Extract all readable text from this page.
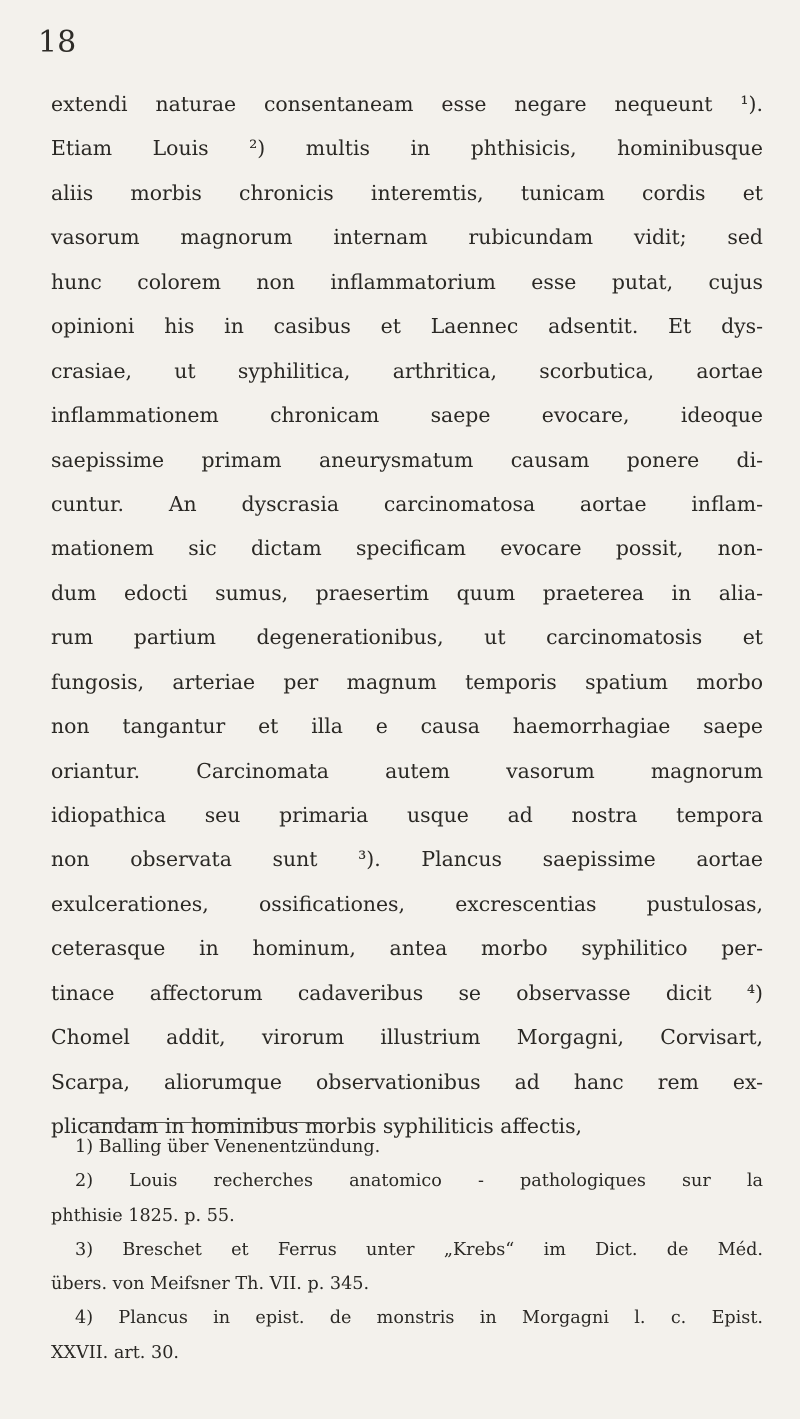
18
extendi naturae consentaneam esse negare nequeunt ¹).
Etiam Louis ²) multis in phthisicis, hominibusque
aliis morbis chronicis interemtis, tunicam cordis et
vasorum magnorum internam rubicundam vidit; sed
hunc colorem non inflammatorium esse putat, cujus
opinioni his in casibus et Laennec adsentit. Et dys-
crasiae, ut syphilitica, arthritica, scorbutica, aortae
inflammationem chronicam saepe evocare, ideoque
saepissime primam aneurysmatum causam ponere di-
cuntur. An dyscrasia carcinomatosa aortae inflam-
mationem sic dictam specificam evocare possit, non-
dum edocti sumus, praesertim quum praeterea in alia-
rum partium degenerationibus, ut carcinomatosis et
fungosis, arteriae per magnum temporis spatium morbo
non tangantur et illa e causa haemorrhagiae saepe
oriantur. Carcinomata autem vasorum magnorum
idiopathica seu primaria usque ad nostra tempora
non observata sunt ³). Plancus saepissime aortae
exulcerationes, ossificationes, excrescentias pustulosas,
ceterasque in hominum, antea morbo syphilitico per-
tinace affectorum cadaveribus se observasse dicit ⁴)
Chomel addit, virorum illustrium Morgagni, Corvisart,
Scarpa, aliorumque observationibus ad hanc rem ex-
plicandam in hominibus morbis syphiliticis affectis,
1) Balling über Venenentzündung.
2) Louis recherches anatomico - pathologiques sur la
phthisie 1825. p. 55.
3) Breschet et Ferrus unter „Krebs“ im Dict. de Méd.
übers. von Meifsner Th. VII. p. 345.
4) Plancus in epist. de monstris in Morgagni l. c. Epist.
XXVII. art. 30.
